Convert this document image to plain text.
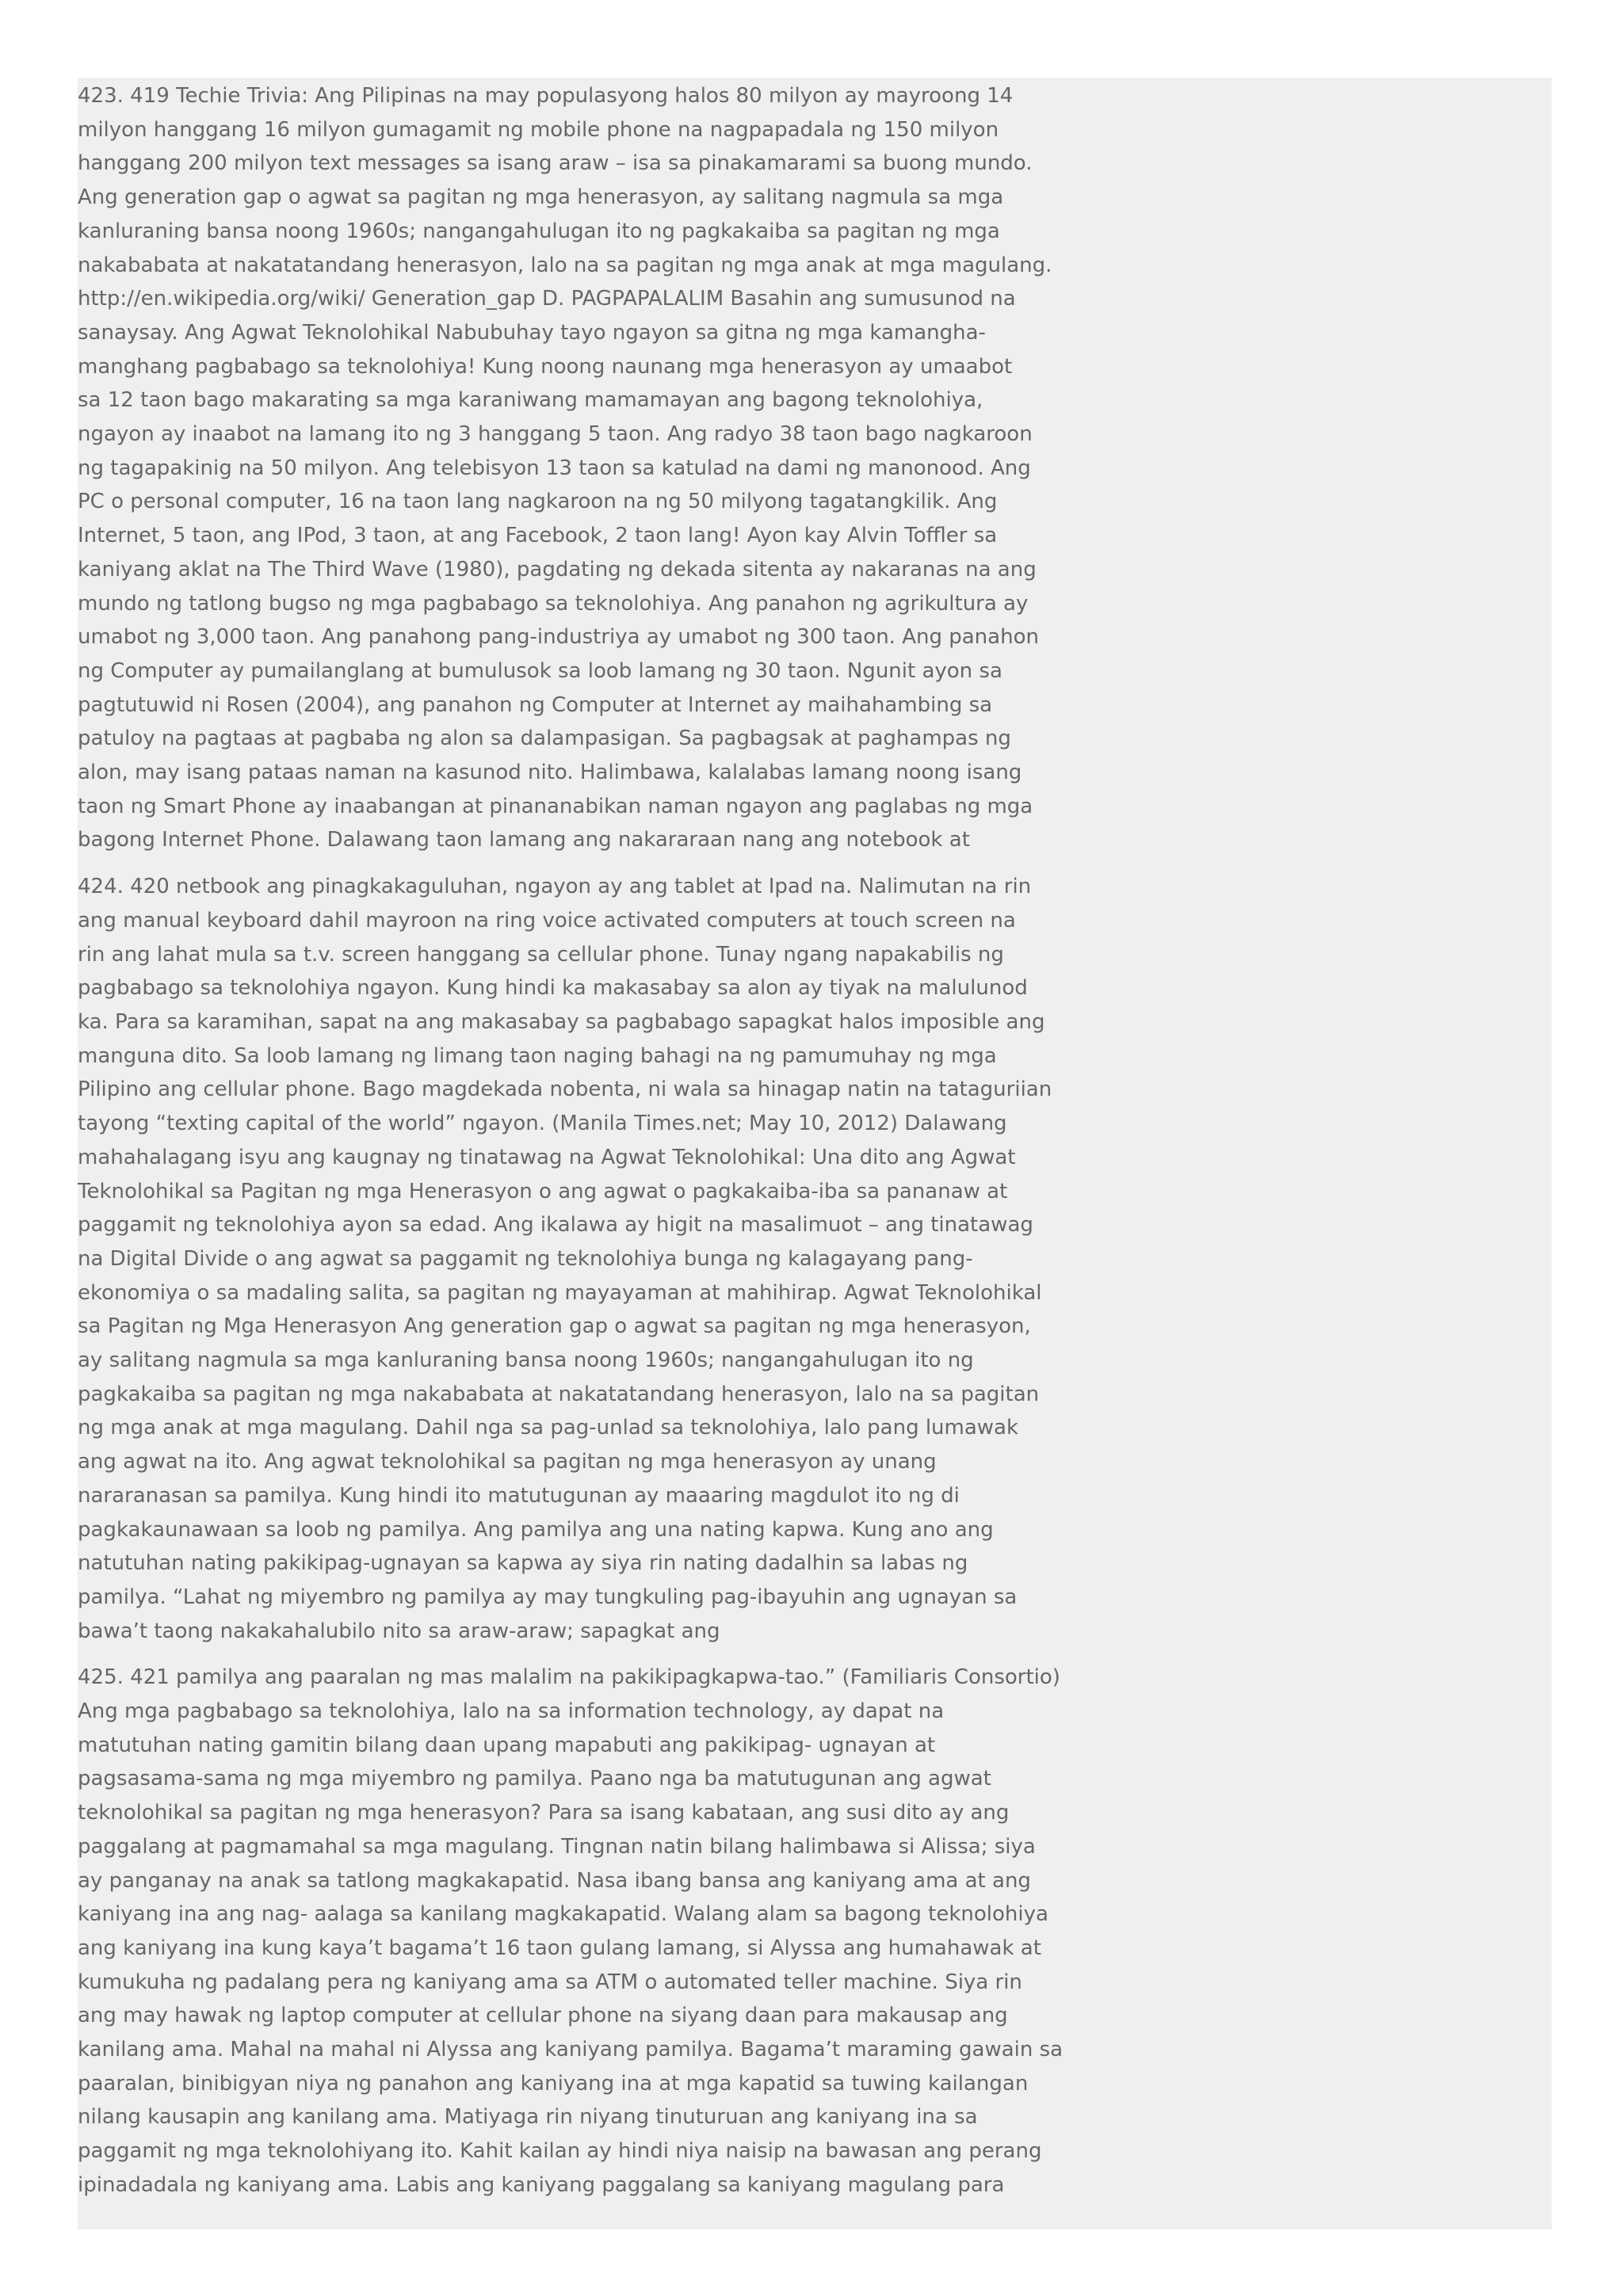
423. 419 Techie Trivia: Ang Pilipinas na may populasyong halos 80 milyon ay mayroong 14
milyon hanggang 16 milyon gumagamit ng mobile phone na nagpapadala ng 150 milyon
hanggang 200 milyon text messages sa isang araw – isa sa pinakamarami sa buong mundo.
Ang generation gap o agwat sa pagitan ng mga henerasyon, ay salitang nagmula sa mga
kanluraning bansa noong 1960s; nangangahulugan ito ng pagkakaiba sa pagitan ng mga
nakababata at nakatatandang henerasyon, lalo na sa pagitan ng mga anak at mga magulang.
http://en.wikipedia.org/wiki/ Generation_gap D. PAGPAPALALIM Basahin ang sumusunod na
sanaysay. Ang Agwat Teknolohikal Nabubuhay tayo ngayon sa gitna ng mga kamangha-
manghang pagbabago sa teknolohiya! Kung noong naunang mga henerasyon ay umaabot
sa 12 taon bago makarating sa mga karaniwang mamamayan ang bagong teknolohiya,
ngayon ay inaabot na lamang ito ng 3 hanggang 5 taon. Ang radyo 38 taon bago nagkaroon
ng tagapakinig na 50 milyon. Ang telebisyon 13 taon sa katulad na dami ng manonood. Ang
PC o personal computer, 16 na taon lang nagkaroon na ng 50 milyong tagatangkilik. Ang
Internet, 5 taon, ang IPod, 3 taon, at ang Facebook, 2 taon lang! Ayon kay Alvin Toffler sa
kaniyang aklat na The Third Wave (1980), pagdating ng dekada sitenta ay nakaranas na ang
mundo ng tatlong bugso ng mga pagbabago sa teknolohiya. Ang panahon ng agrikultura ay
umabot ng 3,000 taon. Ang panahong pang-industriya ay umabot ng 300 taon. Ang panahon
ng Computer ay pumailanglang at bumulusok sa loob lamang ng 30 taon. Ngunit ayon sa
pagtutuwid ni Rosen (2004), ang panahon ng Computer at Internet ay maihahambing sa
patuloy na pagtaas at pagbaba ng alon sa dalampasigan. Sa pagbagsak at paghampas ng
alon, may isang pataas naman na kasunod nito. Halimbawa, kalalabas lamang noong isang
taon ng Smart Phone ay inaabangan at pinananabikan naman ngayon ang paglabas ng mga
bagong Internet Phone. Dalawang taon lamang ang nakararaan nang ang notebook at
424. 420 netbook ang pinagkakaguluhan, ngayon ay ang tablet at Ipad na. Nalimutan na rin
ang manual keyboard dahil mayroon na ring voice activated computers at touch screen na
rin ang lahat mula sa t.v. screen hanggang sa cellular phone. Tunay ngang napakabilis ng
pagbabago sa teknolohiya ngayon. Kung hindi ka makasabay sa alon ay tiyak na malulunod
ka. Para sa karamihan, sapat na ang makasabay sa pagbabago sapagkat halos imposible ang
manguna dito. Sa loob lamang ng limang taon naging bahagi na ng pamumuhay ng mga
Pilipino ang cellular phone. Bago magdekada nobenta, ni wala sa hinagap natin na tataguriian
tayong “texting capital of the world” ngayon. (Manila Times.net; May 10, 2012) Dalawang
mahahalagang isyu ang kaugnay ng tinatawag na Agwat Teknolohikal: Una dito ang Agwat
Teknolohikal sa Pagitan ng mga Henerasyon o ang agwat o pagkakaiba-iba sa pananaw at
paggamit ng teknolohiya ayon sa edad. Ang ikalawa ay higit na masalimuot – ang tinatawag
na Digital Divide o ang agwat sa paggamit ng teknolohiya bunga ng kalagayang pang-
ekonomiya o sa madaling salita, sa pagitan ng mayayaman at mahihirap. Agwat Teknolohikal
sa Pagitan ng Mga Henerasyon Ang generation gap o agwat sa pagitan ng mga henerasyon,
ay salitang nagmula sa mga kanluraning bansa noong 1960s; nangangahulugan ito ng
pagkakaiba sa pagitan ng mga nakababata at nakatatandang henerasyon, lalo na sa pagitan
ng mga anak at mga magulang. Dahil nga sa pag-unlad sa teknolohiya, lalo pang lumawak
ang agwat na ito. Ang agwat teknolohikal sa pagitan ng mga henerasyon ay unang
nararanasan sa pamilya. Kung hindi ito matutugunan ay maaaring magdulot ito ng di
pagkakaunawaan sa loob ng pamilya. Ang pamilya ang una nating kapwa. Kung ano ang
natutuhan nating pakikipag-ugnayan sa kapwa ay siya rin nating dadalhin sa labas ng
pamilya. “Lahat ng miyembro ng pamilya ay may tungkuling pag-ibayuhin ang ugnayan sa
bawa’t taong nakakahalubilo nito sa araw-araw; sapagkat ang
425. 421 pamilya ang paaralan ng mas malalim na pakikipagkapwa-tao.” (Familiaris Consortio)
Ang mga pagbabago sa teknolohiya, lalo na sa information technology, ay dapat na
matutuhan nating gamitin bilang daan upang mapabuti ang pakikipag- ugnayan at
pagsasama-sama ng mga miyembro ng pamilya. Paano nga ba matutugunan ang agwat
teknolohikal sa pagitan ng mga henerasyon? Para sa isang kabataan, ang susi dito ay ang
paggalang at pagmamahal sa mga magulang. Tingnan natin bilang halimbawa si Alissa; siya
ay panganay na anak sa tatlong magkakapatid. Nasa ibang bansa ang kaniyang ama at ang
kaniyang ina ang nag- aalaga sa kanilang magkakapatid. Walang alam sa bagong teknolohiya
ang kaniyang ina kung kaya’t bagama’t 16 taon gulang lamang, si Alyssa ang humahawak at
kumukuha ng padalang pera ng kaniyang ama sa ATM o automated teller machine. Siya rin
ang may hawak ng laptop computer at cellular phone na siyang daan para makausap ang
kanilang ama. Mahal na mahal ni Alyssa ang kaniyang pamilya. Bagama’t maraming gawain sa
paaralan, binibigyan niya ng panahon ang kaniyang ina at mga kapatid sa tuwing kailangan
nilang kausapin ang kanilang ama. Matiyaga rin niyang tinuturuan ang kaniyang ina sa
paggamit ng mga teknolohiyang ito. Kahit kailan ay hindi niya naisip na bawasan ang perang
ipinadadala ng kaniyang ama. Labis ang kaniyang paggalang sa kaniyang magulang para
